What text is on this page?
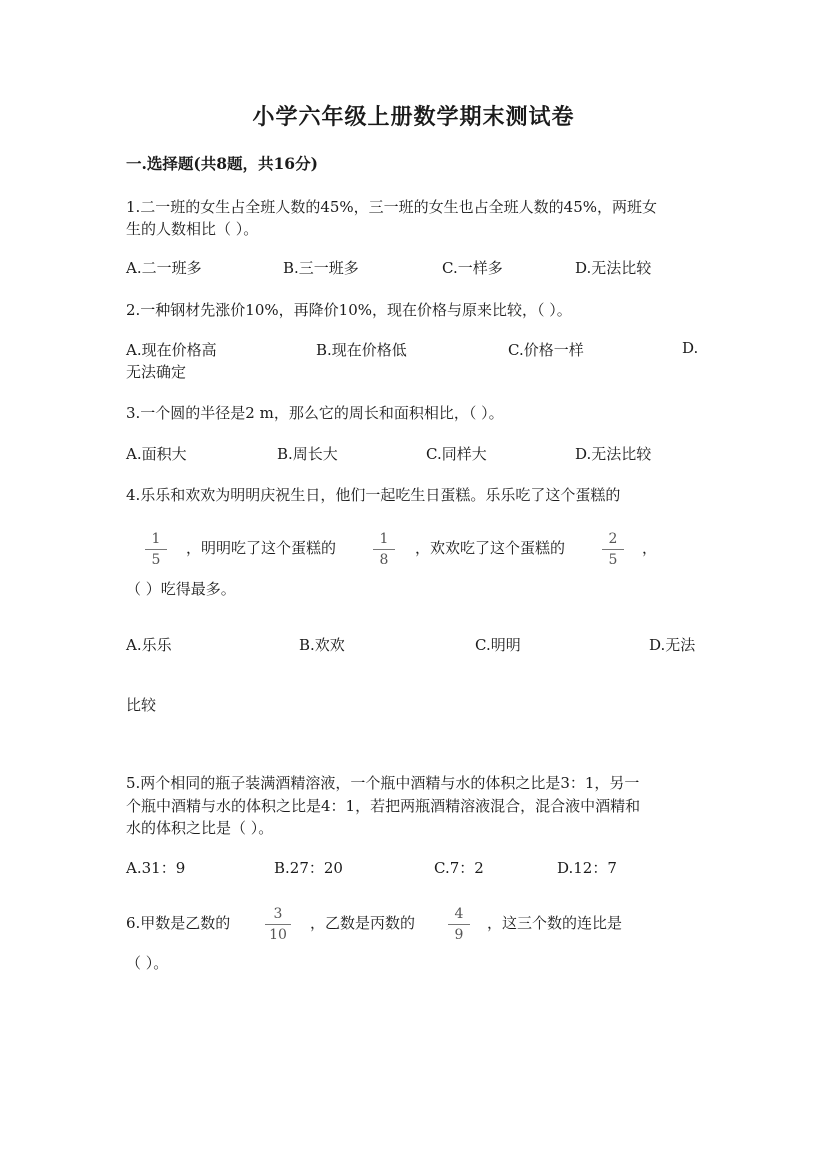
小学六年级上册数学期末测试卷
一.选择题(共8题，共16分)
1.二一班的女生占全班人数的45%，三一班的女生也占全班人数的45%，两班女
生的人数相比（ ）。
A.二一班多	B.三一班多	C.一样多	D.无法比较
2.一种钢材先涨价10%，再降价10%，现在价格与原来比较，（ ）。
A.现在价格高	B.现在价格低	C.价格一样	D.
无法确定
3.一个圆的半径是2 m，那么它的周长和面积相比，（ ）。
A.面积大	B.周长大	C.同样大	D.无法比较
4.乐乐和欢欢为明明庆祝生日，他们一起吃生日蛋糕。乐乐吃了这个蛋糕的
1
5
，明明吃了这个蛋糕的	1
8
，欢欢吃了这个蛋糕的	2
5
，
（ ）吃得最多。
A.乐乐	B.欢欢	C.明明	D.无法
比较
5.两个相同的瓶子装满酒精溶液，一个瓶中酒精与水的体积之比是3：1，另一
个瓶中酒精与水的体积之比是4：1，若把两瓶酒精溶液混合，混合液中酒精和
水的体积之比是（ ）。
A.31：9	B.27：20	C.7：2	D.12：7
6.甲数是乙数的	3
10
，乙数是丙数的	4
9
，这三个数的连比是
（ ）。
